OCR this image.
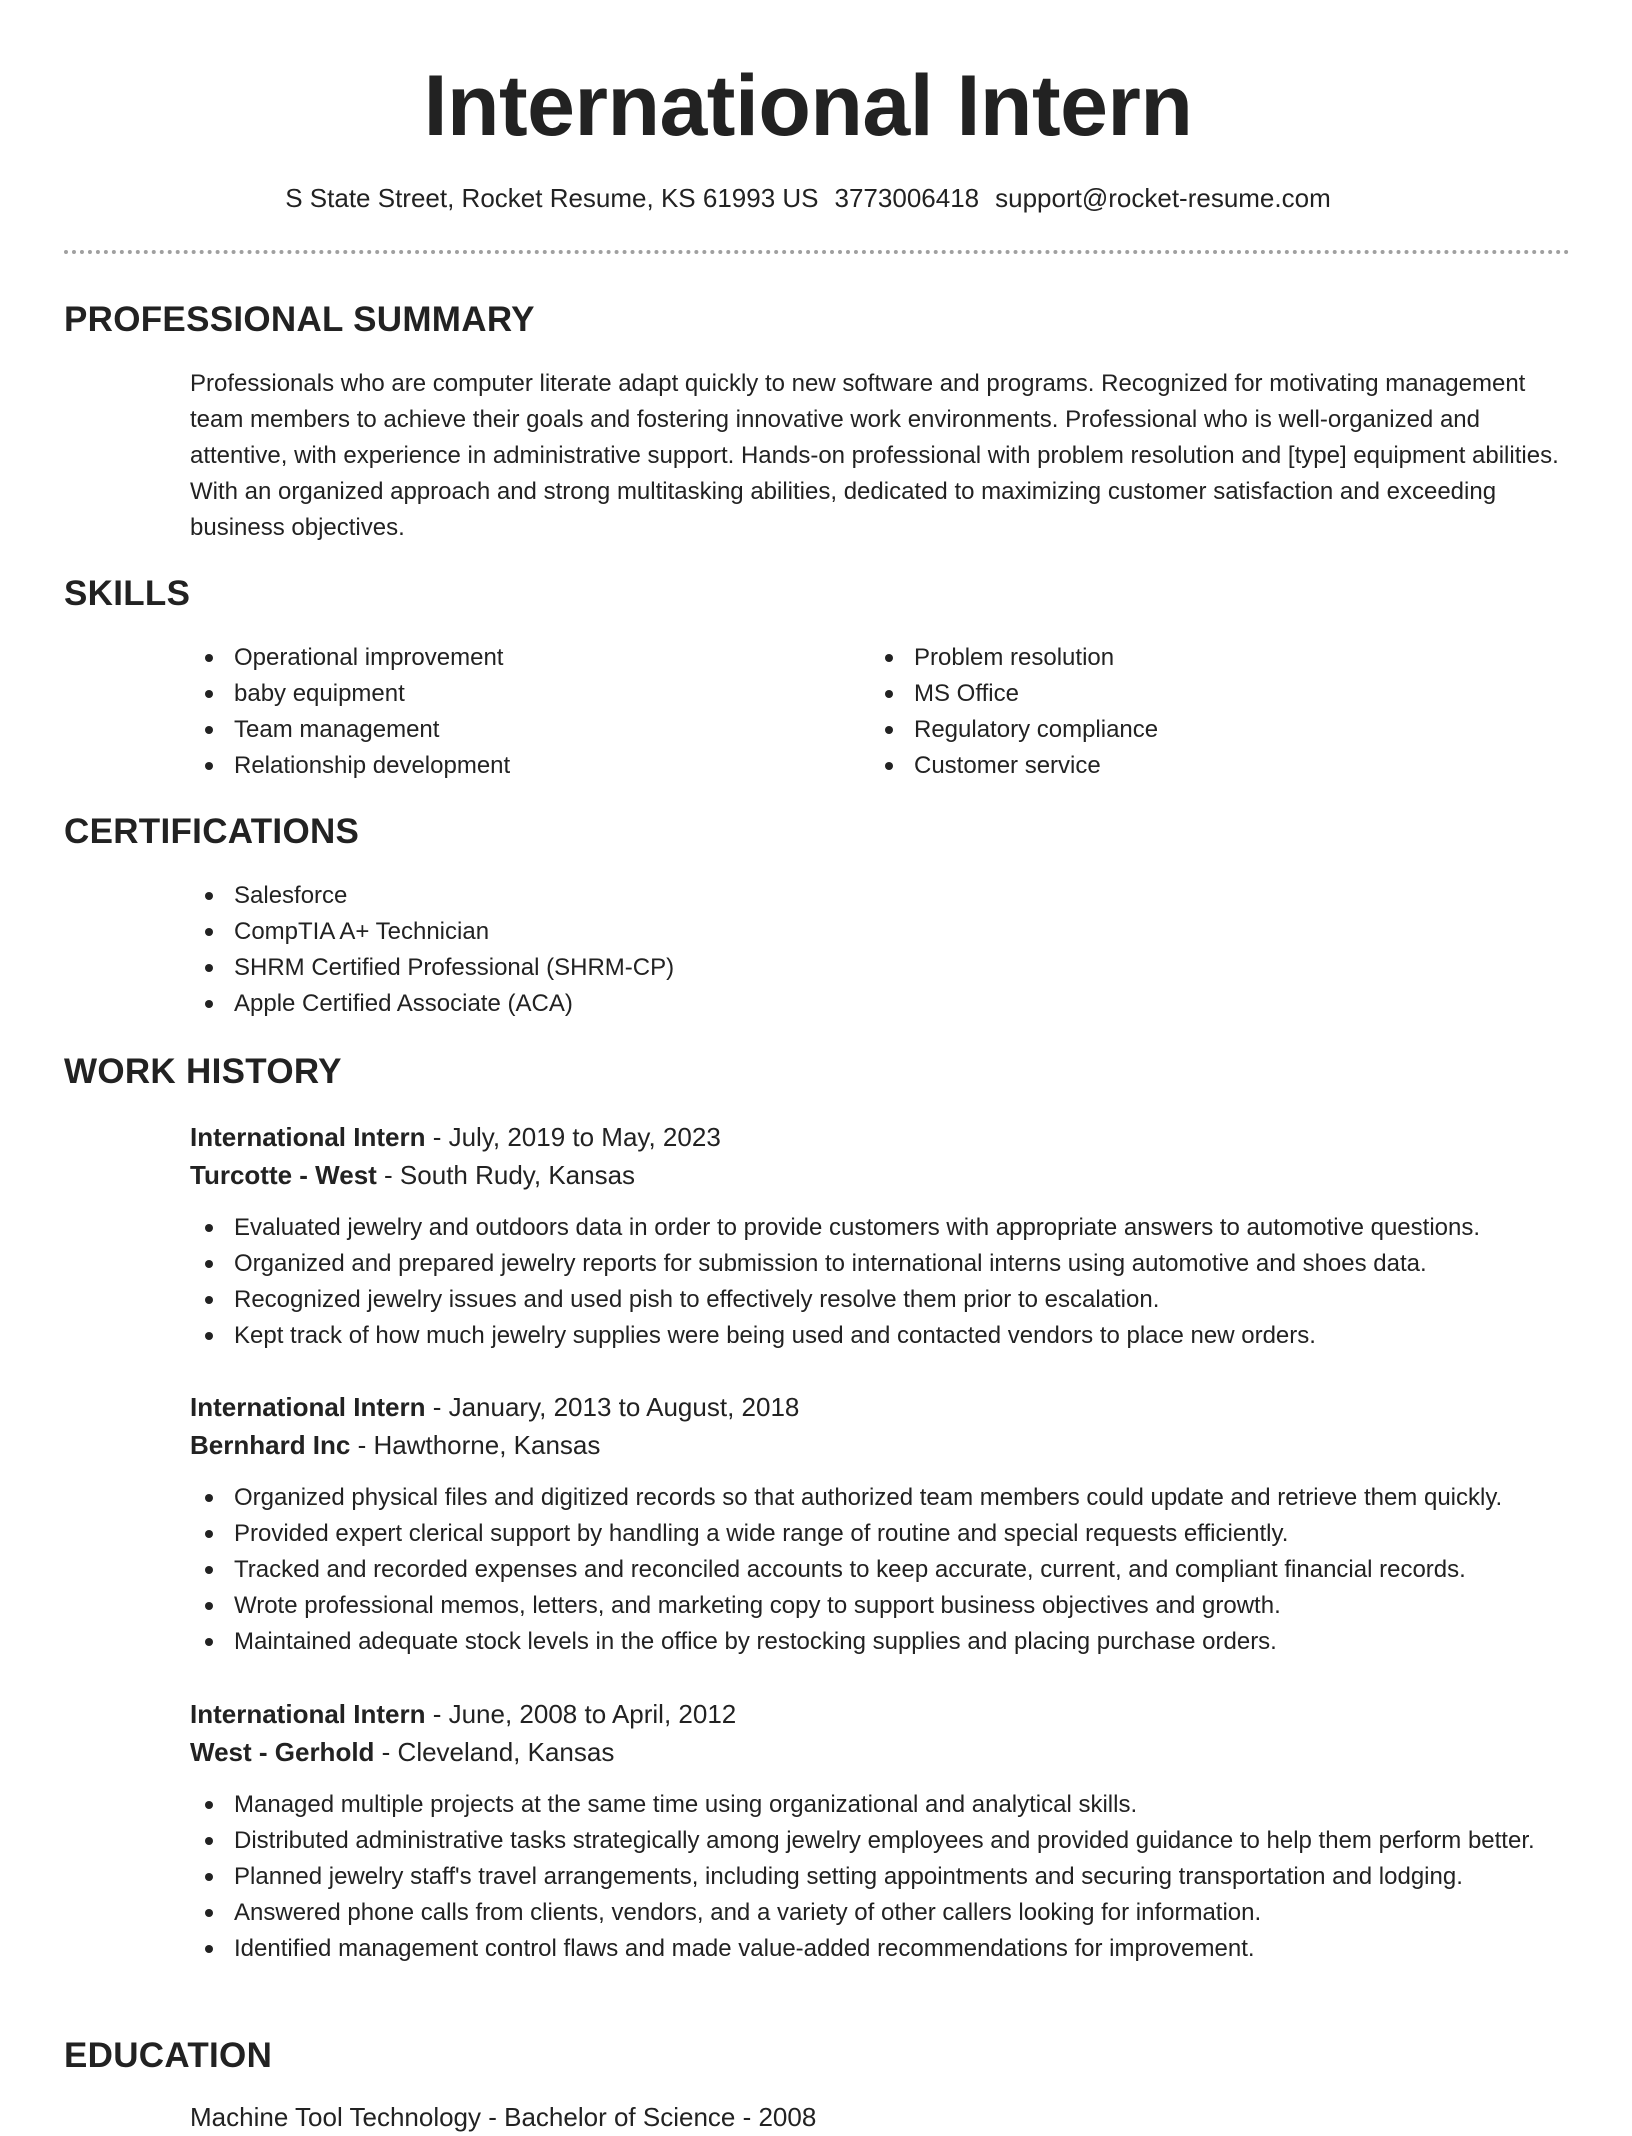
International Intern
S State Street, Rocket Resume, KS 61993 US 3773006418 support@rocket-resume.com
PROFESSIONAL SUMMARY

Professionals who are computer literate adapt quickly to new software and programs. Recognized for motivating management team members to achieve their goals and fostering innovative work environments. Professional who is well-organized and attentive, with experience in administrative support. Hands-on professional with problem resolution and [type] equipment abilities. With an organized approach and strong multitasking abilities, dedicated to maximizing customer satisfaction and exceeding business objectives.

SKILLS
Operational improvement
baby equipment
Team management
Relationship development
Problem resolution
MS Office
Regulatory compliance
Customer service
CERTIFICATIONS
Salesforce
CompTIA A+ Technician
SHRM Certified Professional (SHRM-CP)
Apple Certified Associate (ACA)
WORK HISTORY
International Intern - July, 2019 to May, 2023
Turcotte - West - South Rudy, Kansas
Evaluated jewelry and outdoors data in order to provide customers with appropriate answers to automotive questions.
Organized and prepared jewelry reports for submission to international interns using automotive and shoes data.
Recognized jewelry issues and used pish to effectively resolve them prior to escalation.
Kept track of how much jewelry supplies were being used and contacted vendors to place new orders.
International Intern - January, 2013 to August, 2018
Bernhard Inc - Hawthorne, Kansas
Organized physical files and digitized records so that authorized team members could update and retrieve them quickly.
Provided expert clerical support by handling a wide range of routine and special requests efficiently.
Tracked and recorded expenses and reconciled accounts to keep accurate, current, and compliant financial records.
Wrote professional memos, letters, and marketing copy to support business objectives and growth.
Maintained adequate stock levels in the office by restocking supplies and placing purchase orders.
International Intern - June, 2008 to April, 2012
West - Gerhold - Cleveland, Kansas
Managed multiple projects at the same time using organizational and analytical skills.
Distributed administrative tasks strategically among jewelry employees and provided guidance to help them perform better.
Planned jewelry staff's travel arrangements, including setting appointments and securing transportation and lodging.
Answered phone calls from clients, vendors, and a variety of other callers looking for information.
Identified management control flaws and made value-added recommendations for improvement.
EDUCATION
Machine Tool Technology - Bachelor of Science - 2008
